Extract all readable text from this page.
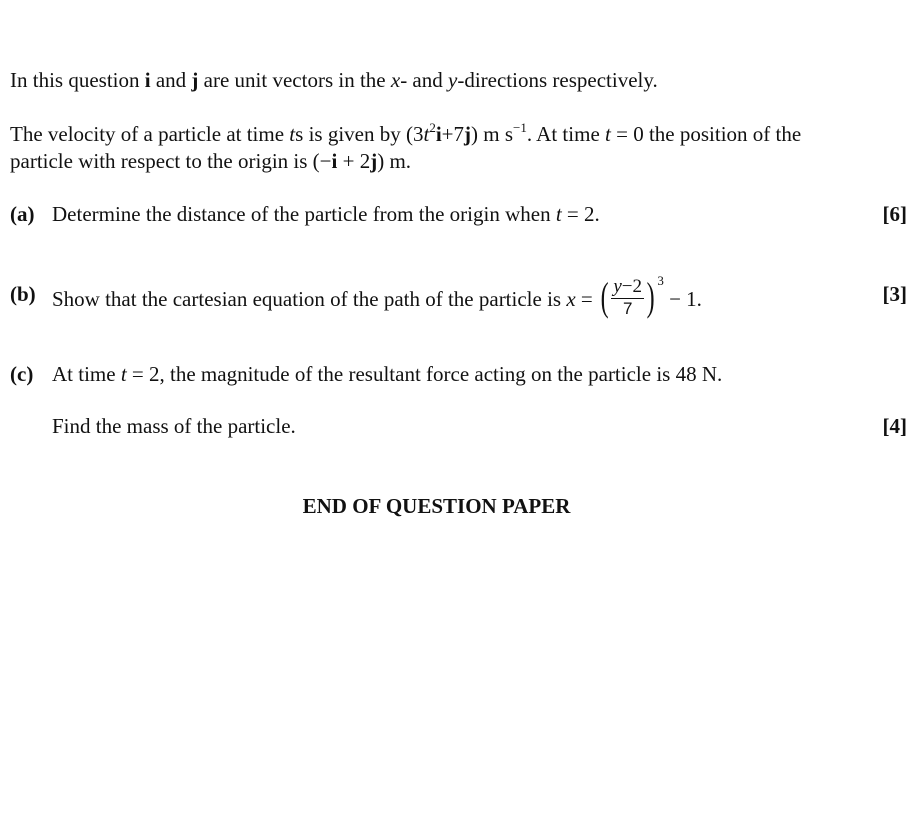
In this question i and j are unit vectors in the x- and y-directions respectively.
The velocity of a particle at time ts is given by $(3t^2i+7j)$ m $s^{-1}$. At time t = 0 the position of the
particle with respect to the origin is (−i + 2j) m.
(a) Determine the distance of the particle from the origin when t = 2.	[6]
(b) Show that the cartesian equation of the path of the particle is x = ( $\frac{y-2}{7}$ ) 3
− 1.	[3]
(c) At time t = 2, the magnitude of the resultant force acting on the particle is 48 N.
Find the mass of the particle.	[4]
END OF QUESTION PAPER
